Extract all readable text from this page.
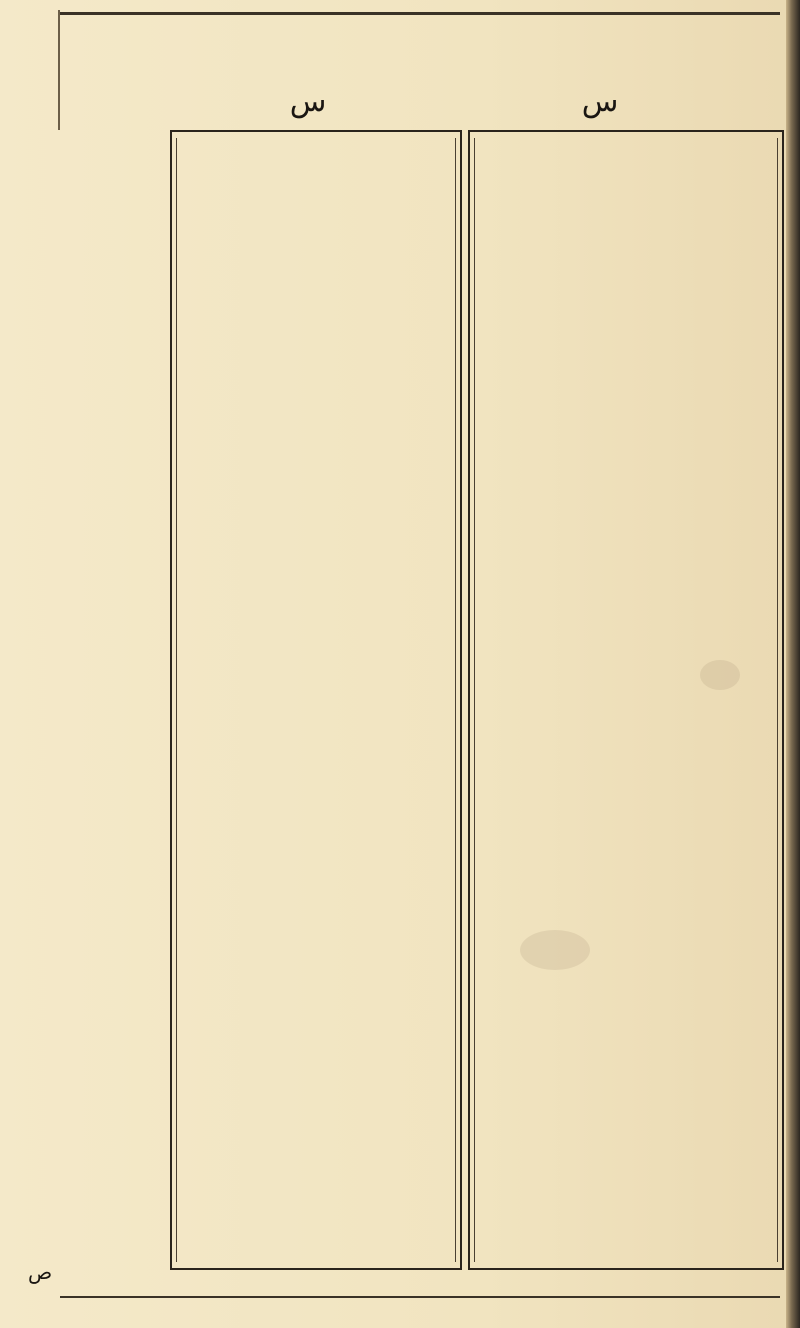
س	س
ص
